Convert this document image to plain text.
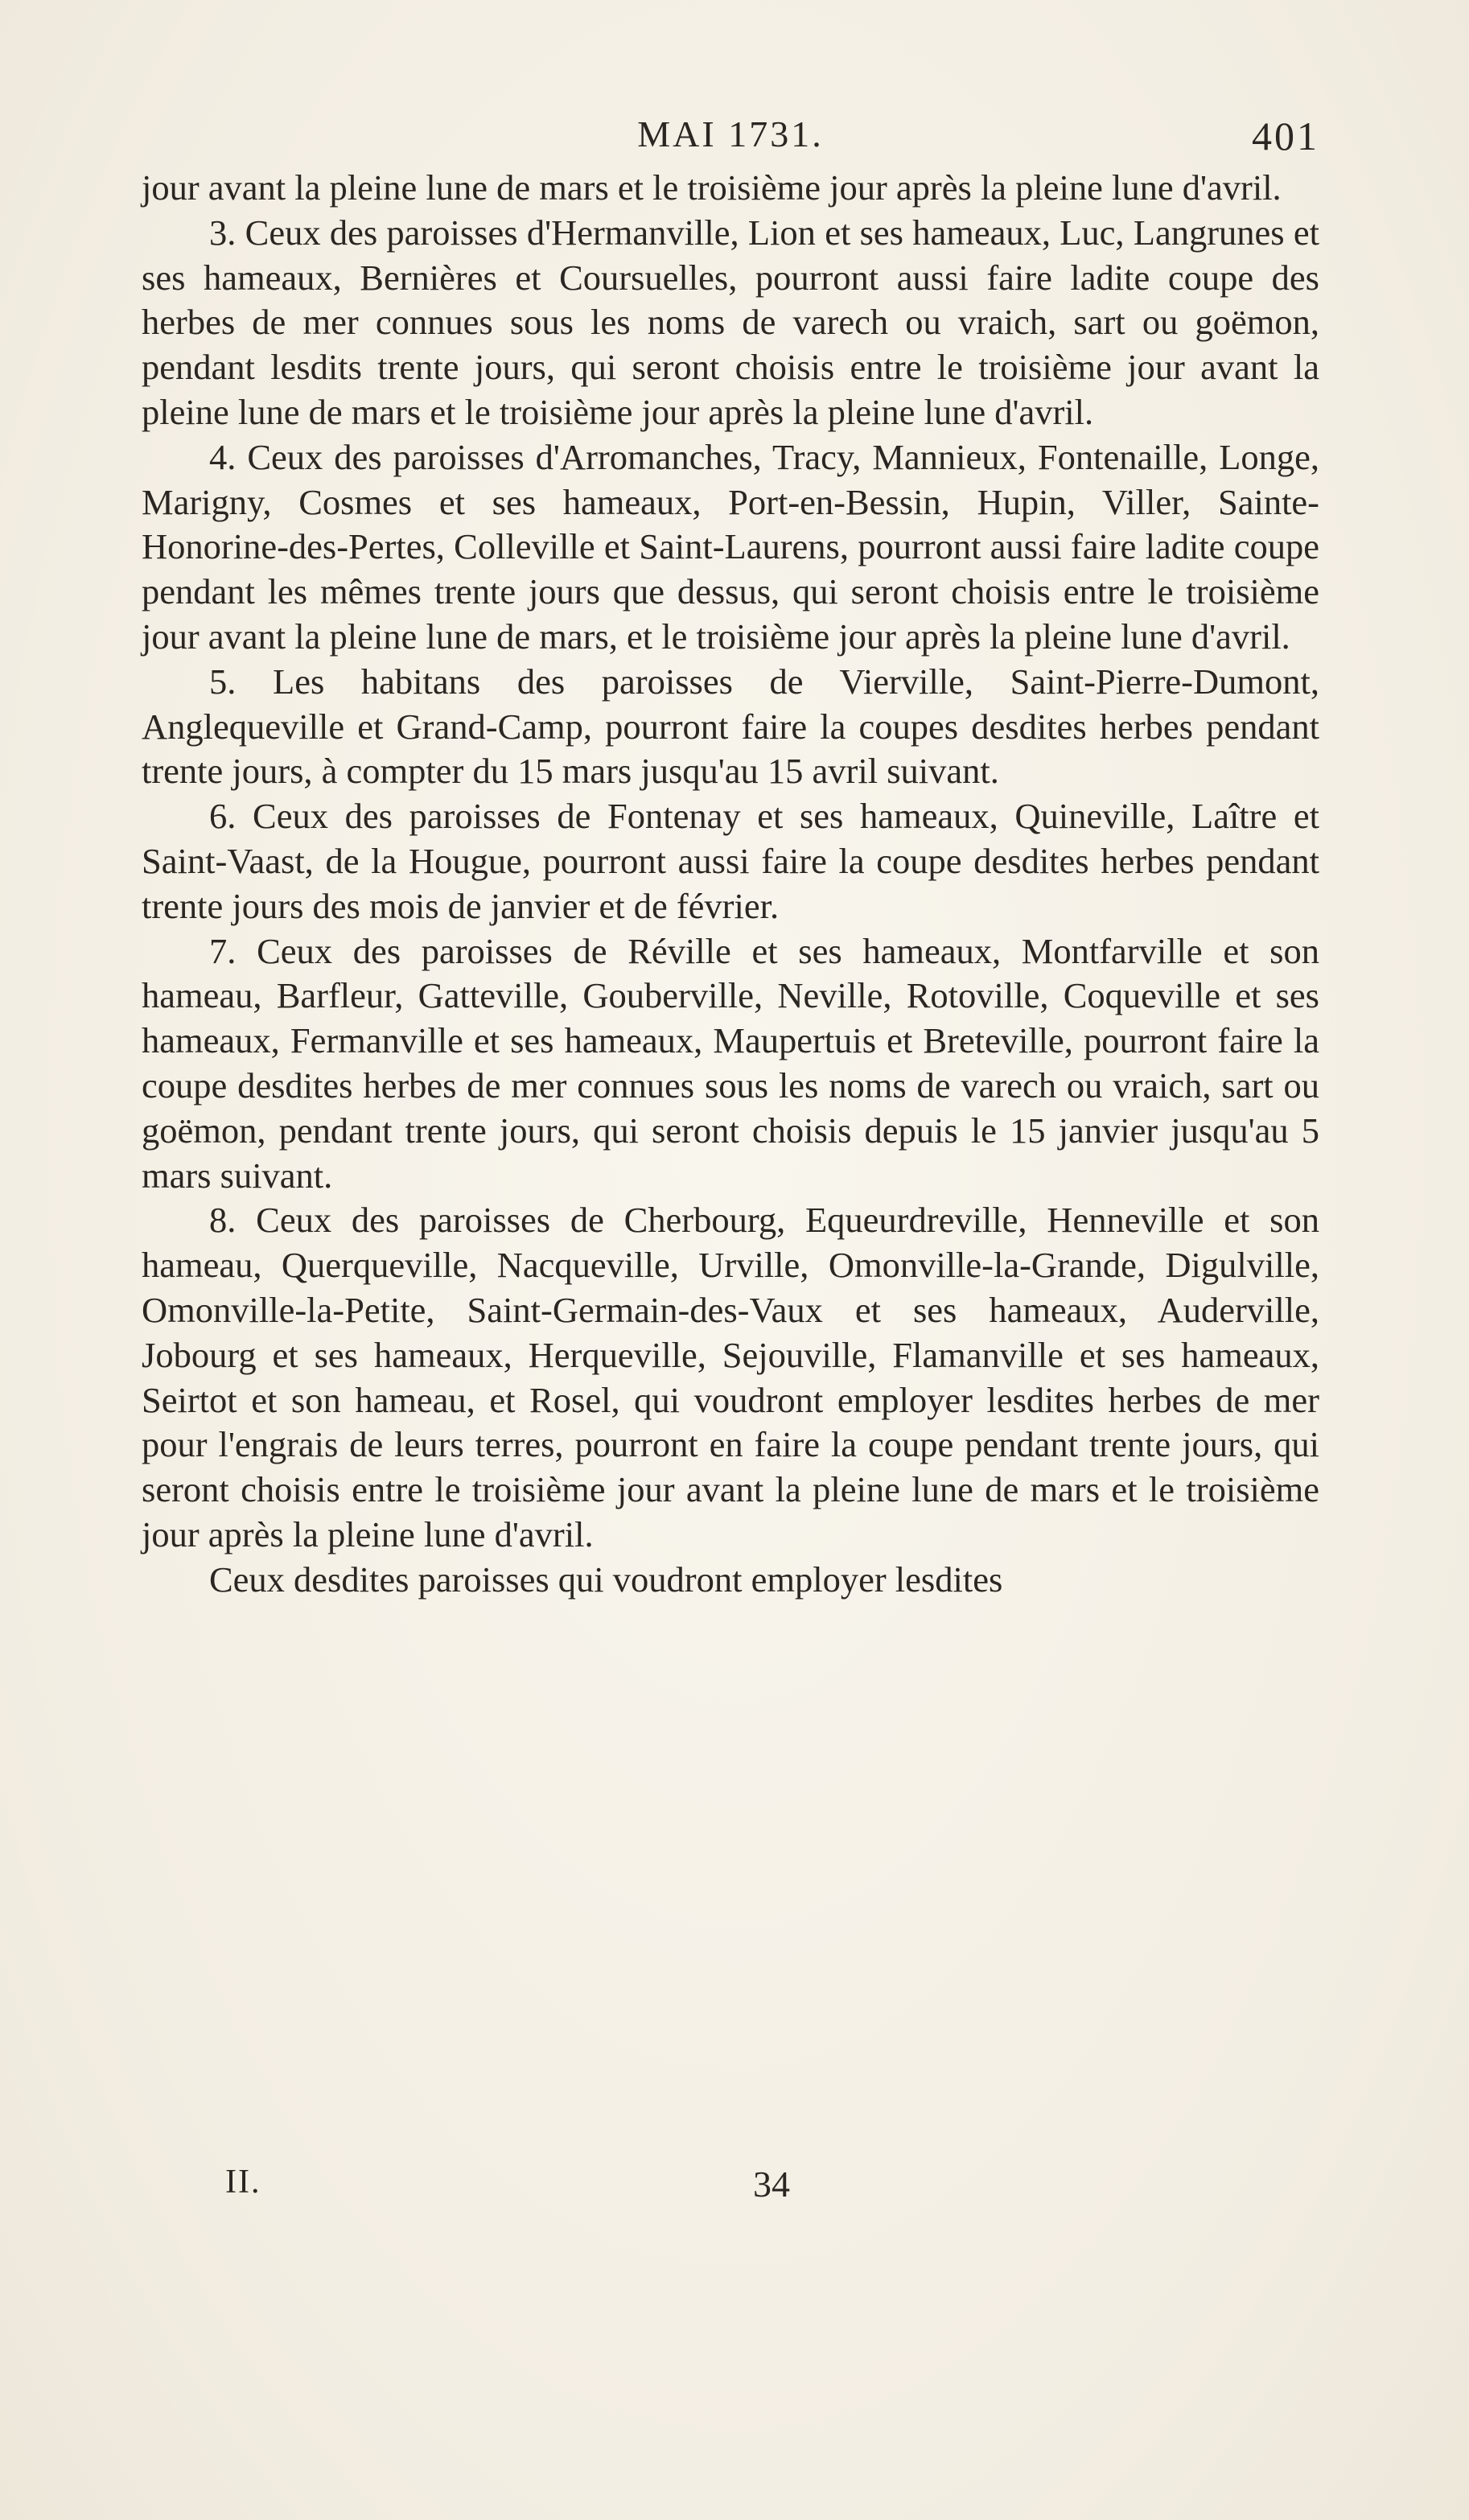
MAI 1731.	401

jour avant la pleine lune de mars et le troisième jour après la pleine lune d'avril.

3. Ceux des paroisses d'Hermanville, Lion et ses hameaux, Luc, Langrunes et ses hameaux, Bernières et Coursuelles, pourront aussi faire ladite coupe des herbes de mer connues sous les noms de varech ou vraich, sart ou goëmon, pendant lesdits trente jours, qui seront choisis entre le troisième jour avant la pleine lune de mars et le troisième jour après la pleine lune d'avril.

4. Ceux des paroisses d'Arromanches, Tracy, Mannieux, Fontenaille, Longe, Marigny, Cosmes et ses hameaux, Port-en-Bessin, Hupin, Viller, Sainte-Honorine-des-Pertes, Colleville et Saint-Laurens, pourront aussi faire ladite coupe pendant les mêmes trente jours que dessus, qui seront choisis entre le troisième jour avant la pleine lune de mars, et le troisième jour après la pleine lune d'avril.

5. Les habitans des paroisses de Vierville, Saint-Pierre-Dumont, Anglequeville et Grand-Camp, pourront faire la coupes desdites herbes pendant trente jours, à compter du 15 mars jusqu'au 15 avril suivant.

6. Ceux des paroisses de Fontenay et ses hameaux, Quineville, Laître et Saint-Vaast, de la Hougue, pourront aussi faire la coupe desdites herbes pendant trente jours des mois de janvier et de février.

7. Ceux des paroisses de Réville et ses hameaux, Montfarville et son hameau, Barfleur, Gatteville, Gouberville, Neville, Rotoville, Coqueville et ses hameaux, Fermanville et ses hameaux, Maupertuis et Breteville, pourront faire la coupe desdites herbes de mer connues sous les noms de varech ou vraich, sart ou goëmon, pendant trente jours, qui seront choisis depuis le 15 janvier jusqu'au 5 mars suivant.

8. Ceux des paroisses de Cherbourg, Equeurdreville, Henneville et son hameau, Querqueville, Nacqueville, Urville, Omonville-la-Grande, Digulville, Omonville-la-Petite, Saint-Germain-des-Vaux et ses hameaux, Auderville, Jobourg et ses hameaux, Herqueville, Sejouville, Flamanville et ses hameaux, Seirtot et son hameau, et Rosel, qui voudront employer lesdites herbes de mer pour l'engrais de leurs terres, pourront en faire la coupe pendant trente jours, qui seront choisis entre le troisième jour avant la pleine lune de mars et le troisième jour après la pleine lune d'avril.

Ceux desdites paroisses qui voudront employer lesdites

II.	34
